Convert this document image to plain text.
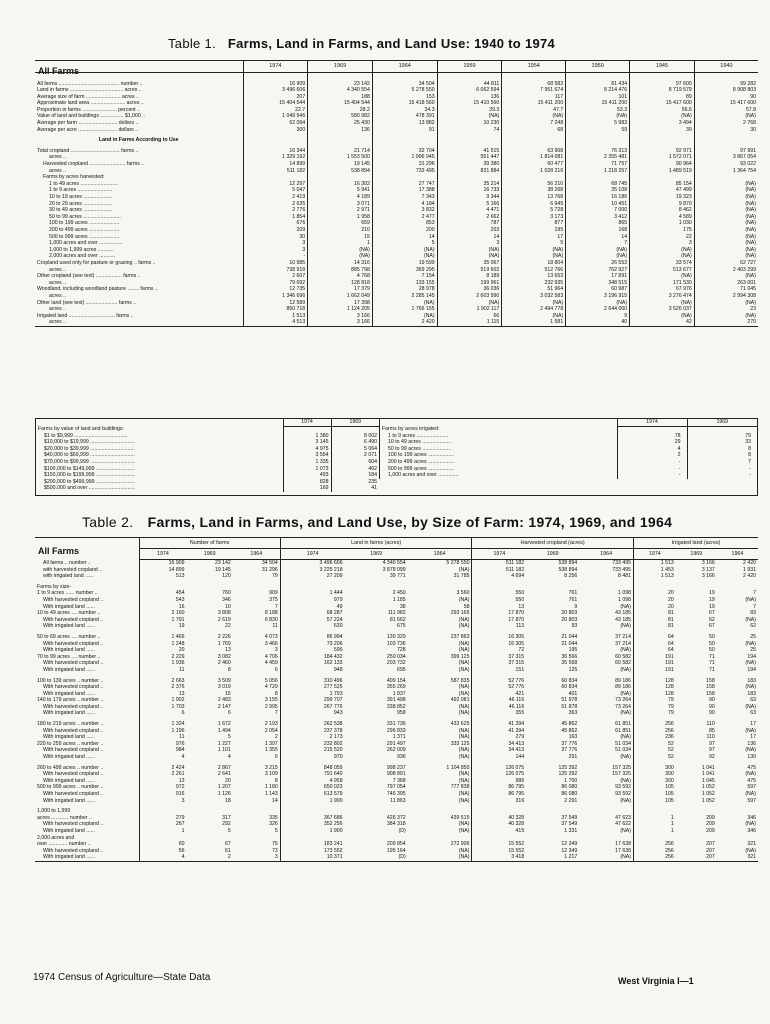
Table 1. Farms, Land in Farms, and Land Use: 1940 to 1974
All Farms
		1974	1969	1964	1959	1954	1950	1945	1940

All farms .......................................... number ..	16 909	23 142	34 504	44 811	68 583	81 434	97 600	99 282
Land in farms ..................................... acres ..	3 496 606	4 340 554	5 278 550	6 062 594	7 951 674	8 214 476	8 719 579	8 908 803
Average size of farm ........................ acres ..	207	188	153	136	117	101	89	90
Approximate land area ........................ acres ..	15 404 544	15 404 544	15 418 560	15 410 560	15 411 200	15 411 200	15 417 600	15 417 600
Proportion in farms ........................ percent ..	22.7	28.2	34.3	39.3	47.7	53.3	56.6	57.8
Value of land and buildings ................ $1,000 ..	1 049 946	580 982	478 391	(NA)	(NA)	(NA)	(NA)	(NA)
Average per farm ........................... dollars ..	62 094	25 430	13 882	10 230	7 248	5 983	3 494	2 768
Average per acre ........................... dollars ..	300	136	91	74	68	59	39	30
Land in Farms According to Use								
Total cropland .................................. farms ..	16 344	21 714	32 704	41 515	63 908	76 313	92 971	97 991
acres ..	1 329 192	1 553 500	1 996 945	551 447	1 814 081	2 355 481	1 572 071	3 867 054
Harvested cropland ......................... farms ..	14 899	19 145	31 296	39 380	60 477	71 757	90 964	93 022
acres ..	511 182	538 894	733 495	831 884	1 028 216	1 218 257	1 489 519	1 364 754
Farms by acres harvested:								
1 to 49 acres ..........................	12 297	16 302	27 747	35 214	56 210	68 745	85 154	(NA)
1 to 9 acres ........................	5 047	5 941	17 388	16 733	38 268	35 108	47 499	(NA)
10 to 19 acres ....................	2 419	4 189	7 343	9 344	13 768	16 186	19 323	(NA)
20 to 29 acres ....................	2 635	3 071	4 184	5 166	6 945	10 451	9 870	(NA)
30 to 49 acres ....................	2 776	2 971	3 832	4 471	5 728	7 000	8 462	(NA)
50 to 99 acres ..........................	1 854	1 958	2 477	2 662	3 173	3 412	4 589	(NA)
100 to 199 acres .....................	676	659	853	787	877	865	1 030	(NA)
200 to 499 acres .....................	209	210	200	203	195	168	175	(NA)
500 to 999 acres .....................	30	15	14	14	17	14	22	(NA)
1,000 acres and over ................	3	1	5	3	5	7	3	(NA)
1,000 to 1,999 acres ...........	3	(NA)	(NA)	(NA)	(NA)	(NA)	(NA)	(NA)
2,000 acres and over ...........	-	(NA)	(NA)	(NA)	(NA)	(NA)	(NA)	(NA)
Cropland used only for pasture or grazing .. farms ..	10 985	14 316	19 599	35 067	18 804	26 553	33 574	62 727
acres ..	738 918	885 798	369 295	519 602	512 766	762 927	513 677	2 403 299
Other cropland (see text) .................. farms ..	2 607	4 768	7 154	8 189	13 653	17 891	(NA)	(NA)
acres ..	79 092	128 818	133 155	199 961	232 935	348 515	171 530	263 001
Woodland, including woodland pasture ........ farms ..	12 735	17 379	28 978	36 036	51 964	60 987	67 976	71 045
acres ..	1 346 696	1 662 049	2 285 145	2 603 990	3 032 583	3 196 915	3 276 474	2 994 308
Other land (see text) ...................... farms ..	12 589	17 398	(NA)	(NA)	(NA)	(NA)	(NA)	(NA)
acres ..	850 718	1 124 205	1 766 155	1 902 117	2 494 778	2 644 000	3 526 037	23
Irrigated land ................................ farms ..	1 513	3 166	(NA)	66	(NA)	9	(NA)	(NA)
acres ..	4 513	3 166	2 420	1 115	1 581	40	42	270
	1974	1969
Farms by value of land and buildings:		
$1 to $9,999 .....................................	1 380	8 002
$10,000 to $19,999 ...............................	3 145	6 490
$20,000 to $39,999 ...............................	4 975	5 064
$40,000 to $69,999 ...............................	3 554	2 071
$70,000 to $99,999 ...............................	1 335	604
$100,000 to $149,999 ...........................	1 073	462
$150,000 to $199,999 ...........................	493	184
$200,000 to $499,999 ...........................	828	235
$500,000 and over ................................	169	41
	1974	1969
Farms by acres irrigated:		
1 to 9 acres ......................	78	79
10 to 49 acres ....................	29	33
50 to 99 acres ....................	4	8
100 to 199 acres ..................	2	8
200 to 499 acres ..................	-	7
500 to 999 acres ..................	-	-
1,000 acres and over ..............	-	-
Table 2. Farms, Land in Farms, and Land Use, by Size of Farm: 1974, 1969, and 1964
All Farms
	Number of farms			Land in farms (acres)			Harvested cropland (acres)			Irrigated land (acres)		
	1974	1969	1964	1974	1969	1964	1974	1969	1964	1974	1969	1964
All farms .. number ..	16 909	23 142	34 504	3 496 606	4 340 554	5 278 550	511 182	538 894	733 495	1 513	3 166	2 420
with harvested cropland ..	14 899	19 145	31 296	3 225 218	3 878 099	(NA)	511 182	538 894	733 495	1 453	3 137	1 931
with irrigated land ......	513	120	79	27 209	39 771	31 785	4 694	8 256	8 481	1 513	3 166	2 420

Farms by size-												
1 to 9 acres ...... number ..	454	760	909	1 444	2 450	3 560	550	761	1 098	20	19	7
With harvested cropland ..	543	346	375	979	1 185	(NA)	550	761	1 098	20	19	(NA)
With irrigated land ......	16	10	7	49	38	58	13	9	(NA)	20	19	7
10 to 49 acres .... number ..	2 160	3 808	8 188	68 287	111 982	293 165	17 870	20 803	43 185	81	67	83
With harvested cropland ..	1 791	2 619	6 830	57 224	81 662	(NA)	17 870	20 803	43 185	81	62	(NA)
With irrigated land ......	19	22	11	630	675	(NA)	113	93	(NA)	81	67	62

50 to 69 acres .... number ..	1 466	2 226	4 073	86 994	130 329	237 863	16 305	21 044	37 214	64	50	25
With harvested cropland ..	1 248	1 769	3 466	73 206	103 736	(NA)	16 305	21 044	37 214	64	50	(NA)
With irrigated land ......	20	13	3	596	728	(NA)	72	195	(NA)	64	50	25
70 to 99 acres .... number ..	2 229	3 082	4 706	184 432	250 034	399 125	37 315	36 566	60 582	191	71	194
With harvested cropland ..	1 936	2 460	4 459	162 133	203 732	(NA)	37 315	35 568	60 582	191	71	(NA)
With irrigated land ......	11	8	6	948	695	(NA)	151	125	(NA)	191	71	194

100 to 139 acres .. number ..	2 663	3 509	5 056	310 496	409 154	587 835	52 776	60 834	89 186	128	158	183
With harvested cropland ..	2 376	3 019	4 729	277 525	355 269	(NA)	52 776	60 834	89 186	128	158	(NA)
With irrigated land ......	13	15	8	1 793	1 837	(NA)	421	401	(NA)	128	158	183
140 to 179 acres .. number ..	1 902	2 483	3 155	299 707	391 498	492 081	46 116	51 978	73 264	79	90	63
With harvested cropland ..	1 703	2 147	2 995	267 776	338 852	(NA)	46 116	51 878	73 264	79	90	(NA)
With irrigated land ......	6	6	7	943	958	(NA)	355	363	(NA)	79	90	63

180 to 219 acres .. number ..	1 324	1 672	2 193	262 538	331 736	433 625	41 394	45 862	61 851	256	110	17
With harvested cropland ..	1 196	1 494	2 054	237 378	296 833	(NA)	41 394	45 862	61 851	256	85	(NA)
With irrigated land ......	11	5	2	2 173	1 371	(NA)	279	163	(NA)	236	110	17
220 to 259 acres .. number ..	976	1 227	1 397	232 802	291 497	333 125	34 413	37 776	51 034	52	97	136
With harvested cropland ..	984	1 101	1 355	215 520	262 009	(NA)	34 413	37 776	51 034	52	97	(NA)
With irrigated land ......	4	4	6	970	936	(NA)	144	291	(NA)	52	92	130

260 to 499 acres .. number ..	2 424	2 867	3 215	848 059	998 237	1 104 850	126 075	125 392	157 325	300	1 041	475
With harvested cropland ..	2 261	2 641	3 109	791 640	908 891	(NA)	126 075	125 392	157 325	300	1 041	(NA)
With irrigated land ......	13	20	8	4 958	7 368	(NA)	986	1 700	(NA)	300	1 045	475
500 to 999 acres .. number ..	972	1 207	1 180	650 023	797 054	777 838	86 795	86 080	93 592	105	1 052	597
With harvested cropland ..	916	1 126	1 143	613 579	746 395	(NA)	86 795	86 080	93 592	105	1 052	(NA)
With irrigated land ......	3	18	14	1 900	11 863	(NA)	316	2 291	(NA)	105	1 052	597

1,000 to 1,999												
acres ............ number ..	279	317	335	367 686	426 372	439 515	40 328	37 549	47 623	1	209	346
With harvested cropland ..	267	292	326	352 256	384 318	(NA)	40 328	37 549	47 622	1	209	(NA)
With irrigated land ......	1	5	5	1 900	(D)	(NA)	415	1 331	(NA)	1	209	346
2,000 acres and												
over ............. number ..	60	67	75	183 241	209 854	272 906	15 552	12 349	17 638	256	207	321
With harvested cropland ..	56	61	73	173 552	195 164	(NA)	15 552	12 349	17 638	256	207	(NA)
With irrigated land ......	4	2	3	10 371	(D)	(NA)	3 418	1 217	(NA)	256	207	321
1974 Census of Agriculture—State Data	West Virginia I—1
